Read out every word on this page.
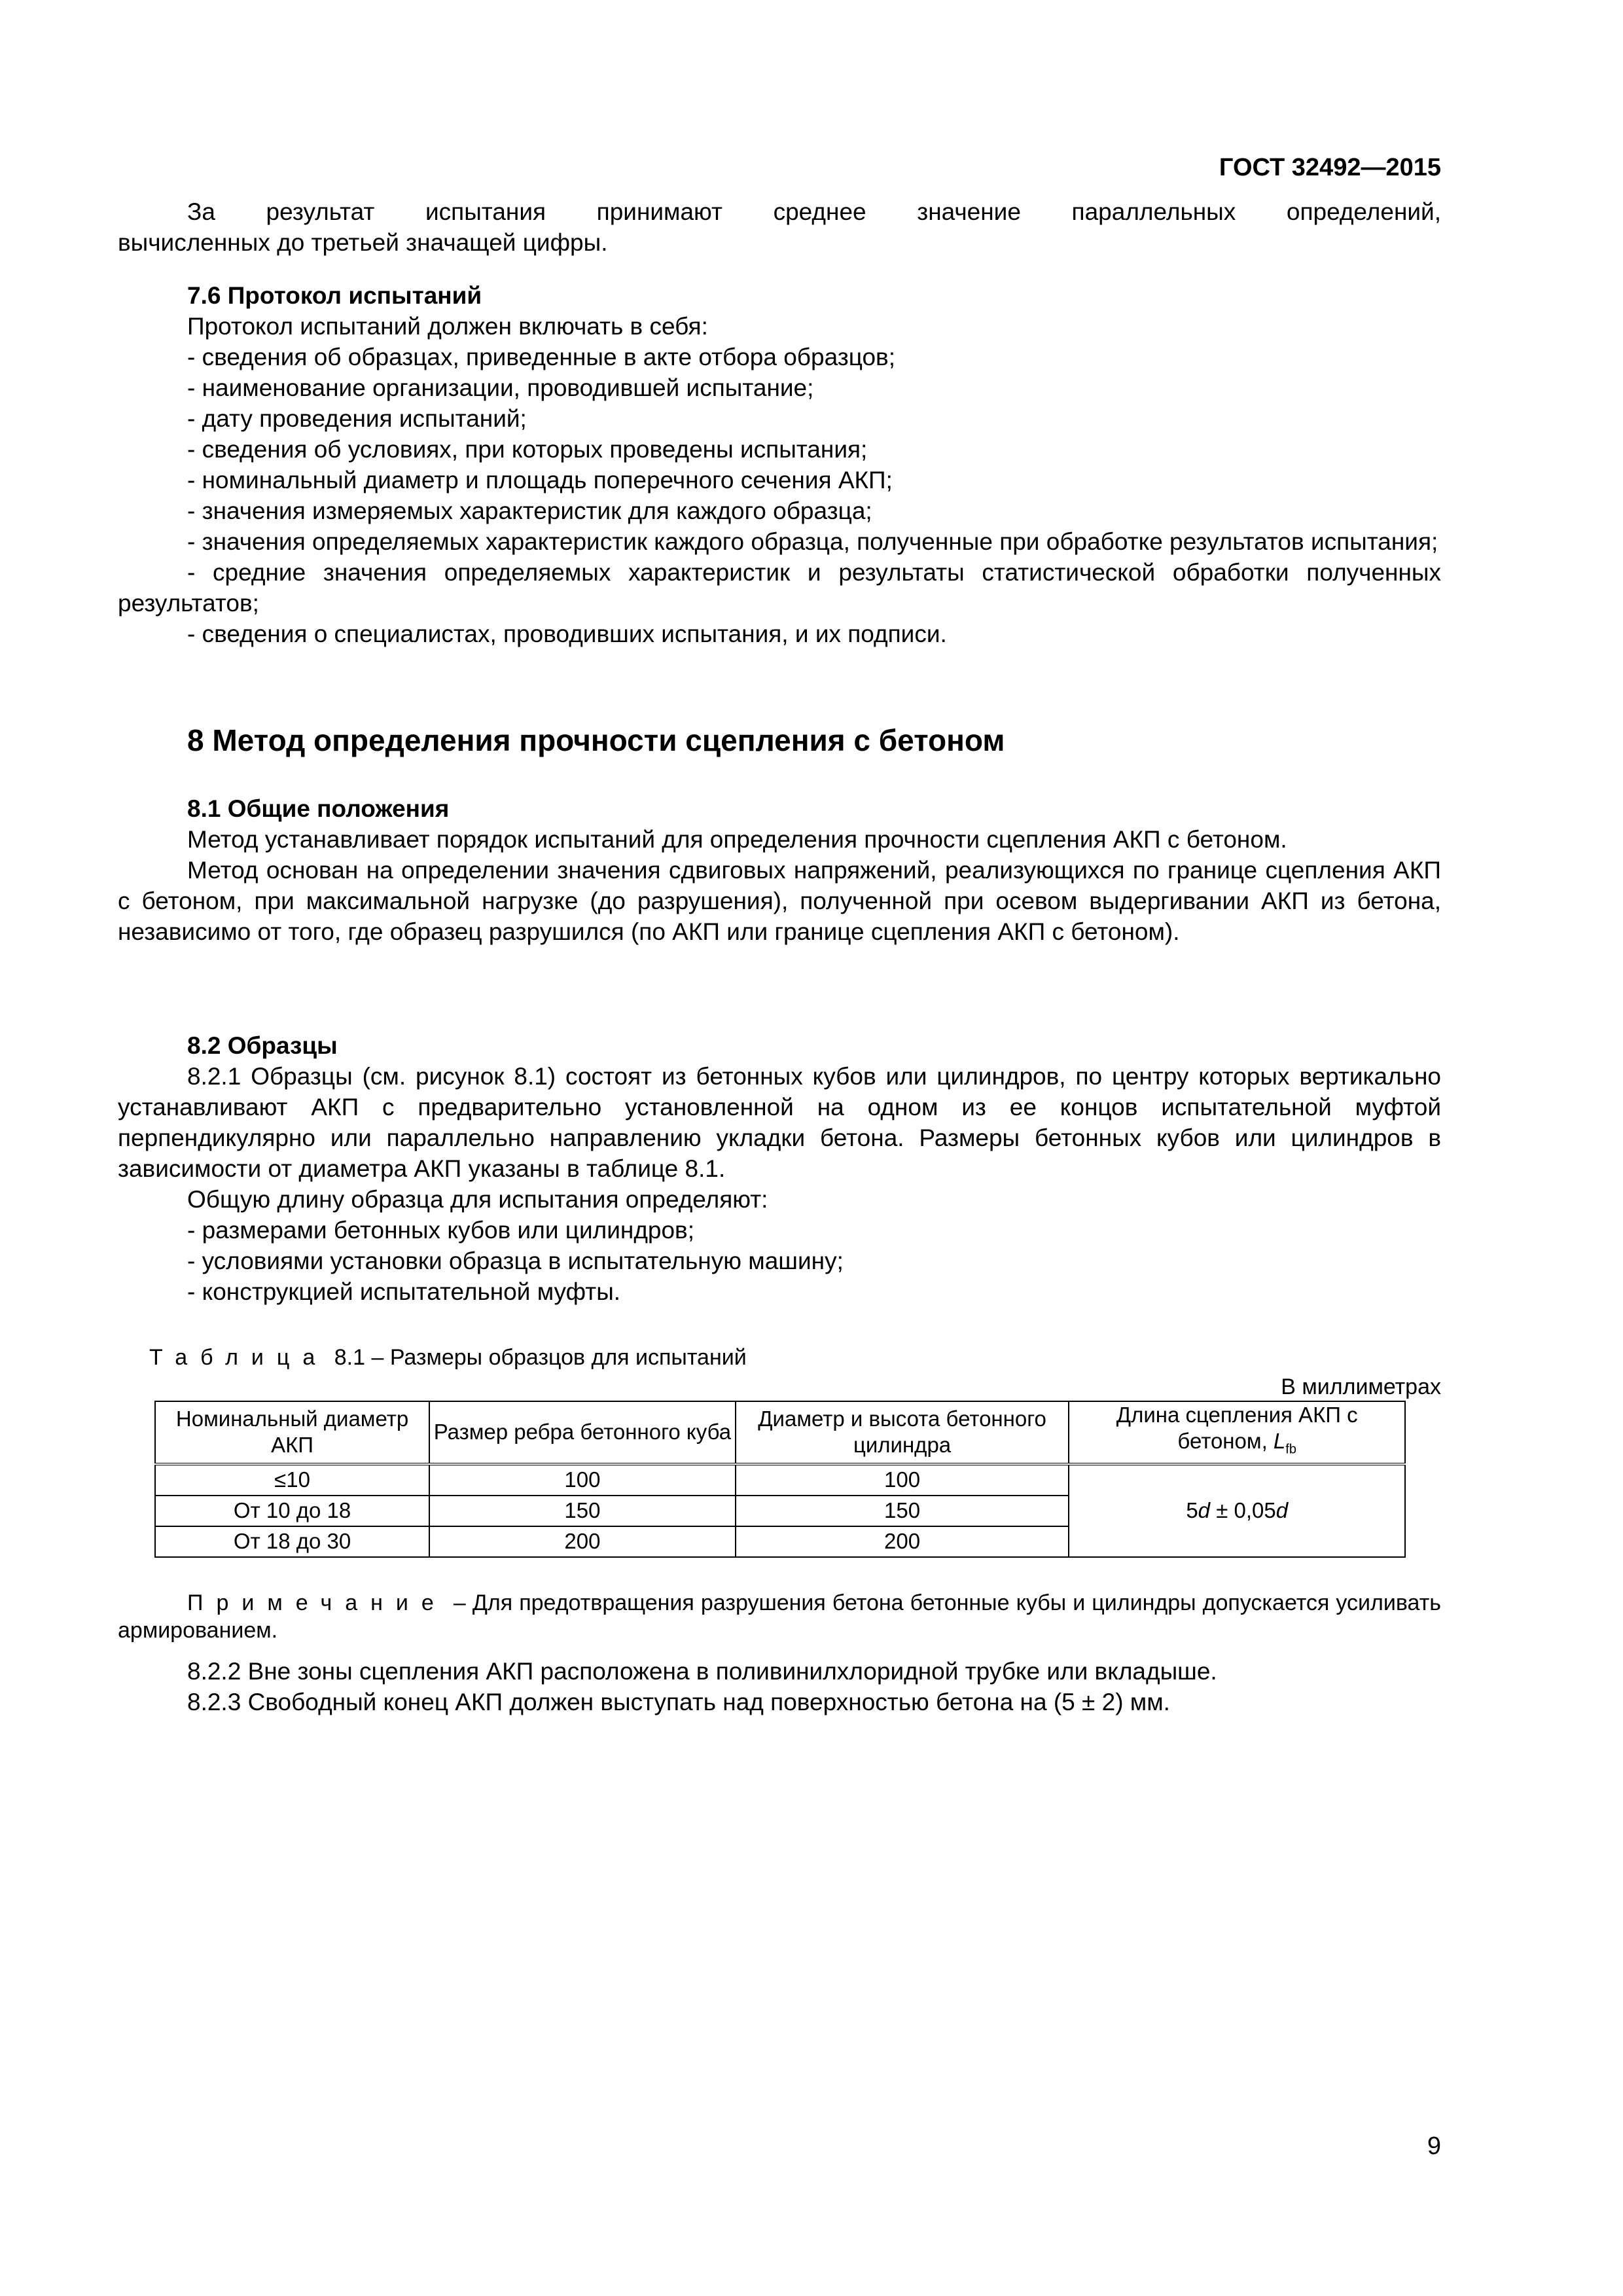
ГОСТ 32492—2015
За результат испытания принимают среднее значение параллельных определений,
вычисленных до третьей значащей цифры.
7.6 Протокол испытаний
Протокол испытаний должен включать в себя:
- сведения об образцах, приведенные в акте отбора образцов;
- наименование организации, проводившей испытание;
- дату проведения испытаний;
- сведения об условиях, при которых проведены испытания;
- номинальный диаметр и площадь поперечного сечения АКП;
- значения измеряемых характеристик для каждого образца;
- значения определяемых характеристик каждого образца, полученные при обработке результатов испытания;
- средние значения определяемых характеристик и результаты статистической обработки полученных результатов;
- сведения о специалистах, проводивших испытания, и их подписи.
8 Метод определения прочности сцепления с бетоном
8.1 Общие положения
Метод устанавливает порядок испытаний для определения прочности сцепления АКП с бетоном.
Метод основан на определении значения сдвиговых напряжений, реализующихся по границе сцепления АКП с бетоном, при максимальной нагрузке (до разрушения), полученной при осевом выдергивании АКП из бетона, независимо от того, где образец разрушился (по АКП или границе сцепления АКП с бетоном).
8.2 Образцы
8.2.1 Образцы (см. рисунок 8.1) состоят из бетонных кубов или цилиндров, по центру которых вертикально устанавливают АКП с предварительно установленной на одном из ее концов испытательной муфтой перпендикулярно или параллельно направлению укладки бетона. Размеры бетонных кубов или цилиндров в зависимости от диаметра АКП указаны в таблице 8.1.
Общую длину образца для испытания определяют:
- размерами бетонных кубов или цилиндров;
- условиями установки образца в испытательную машину;
- конструкцией испытательной муфты.
Таблица 8.1 – Размеры образцов для испытаний
В миллиметрах
Номинальный диаметр АКП	Размер ребра бетонного куба	Диаметр и высота бетонного цилиндра	Длина сцепления АКП с бетоном, $L_{fb}$
≤10	100	100	5d ± 0,05d
От 10 до 18	150	150	
От 18 до 30	200	200	
Примечание – Для предотвращения разрушения бетона бетонные кубы и цилиндры допускается усиливать армированием.
8.2.2 Вне зоны сцепления АКП расположена в поливинилхлоридной трубке или вкладыше.
8.2.3 Свободный конец АКП должен выступать над поверхностью бетона на (5 ± 2) мм.
9
